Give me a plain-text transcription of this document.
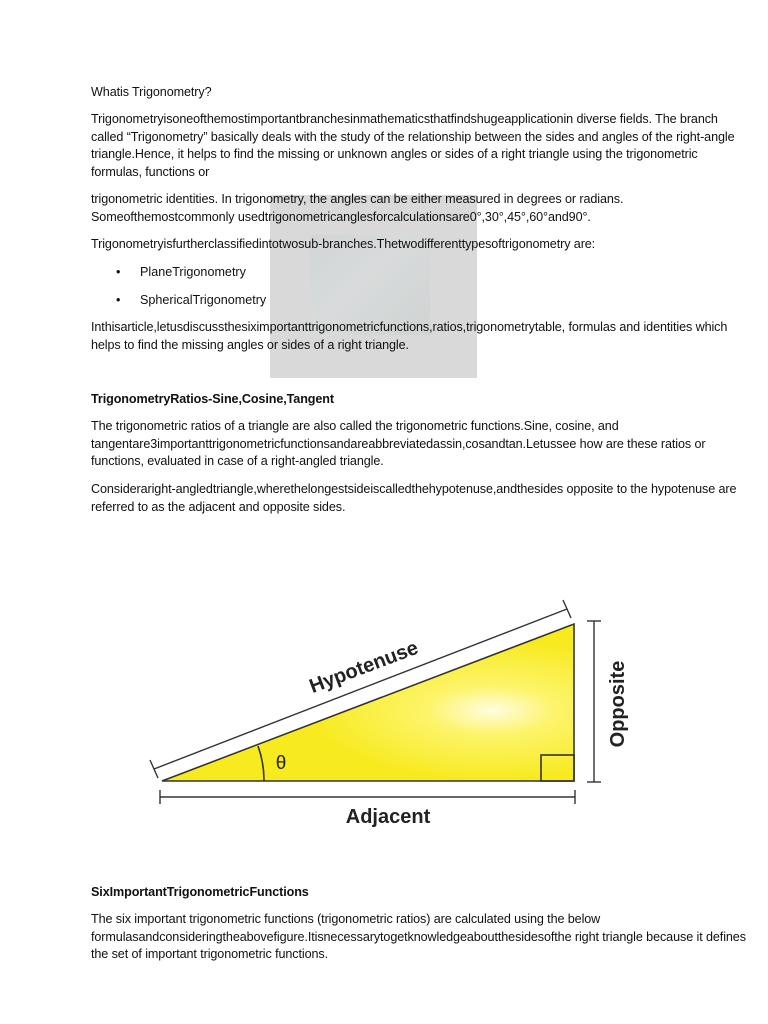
Whatis Trigonometry?
Trigonometryisoneofthemostimportantbranchesinmathematicsthatfindshugeapplicationin diverse fields. The branch called “Trigonometry” basically deals with the study of the relationship between the sides and angles of the right-angle triangle.Hence, it helps to find the missing or unknown angles or sides of a right triangle using the trigonometric formulas, functions or
trigonometric identities. In trigonometry, the angles can be either measured in degrees or radians. Someofthemostcommonly usedtrigonometricanglesforcalculationsare0°,30°,45°,60°and90°.
Trigonometryisfurtherclassifiedintotwosub-branches.Thetwodifferenttypesoftrigonometry are:
• PlaneTrigonometry
• SphericalTrigonometry
Inthisarticle,letusdiscussthesiximportanttrigonometricfunctions,ratios,trigonometrytable, formulas and identities which helps to find the missing angles or sides of a right triangle.
TrigonometryRatios-Sine,Cosine,Tangent
The trigonometric ratios of a triangle are also called the trigonometric functions.Sine, cosine, and tangentare3importanttrigonometricfunctionsandareabbreviatedassin,cosandtan.Letussee how are these ratios or functions, evaluated in case of a right-angled triangle.
Consideraright-angledtriangle,wherethelongestsideiscalledthehypotenuse,andthesides opposite to the hypotenuse are referred to as the adjacent and opposite sides.
Hypotenuse	Opposite
Adjacent
θ
SixImportantTrigonometricFunctions
The six important trigonometric functions (trigonometric ratios) are calculated using the below formulasandconsideringtheabovefigure.Itisnecessarytogetknowledgeaboutthesidesofthe right triangle because it defines the set of important trigonometric functions.
